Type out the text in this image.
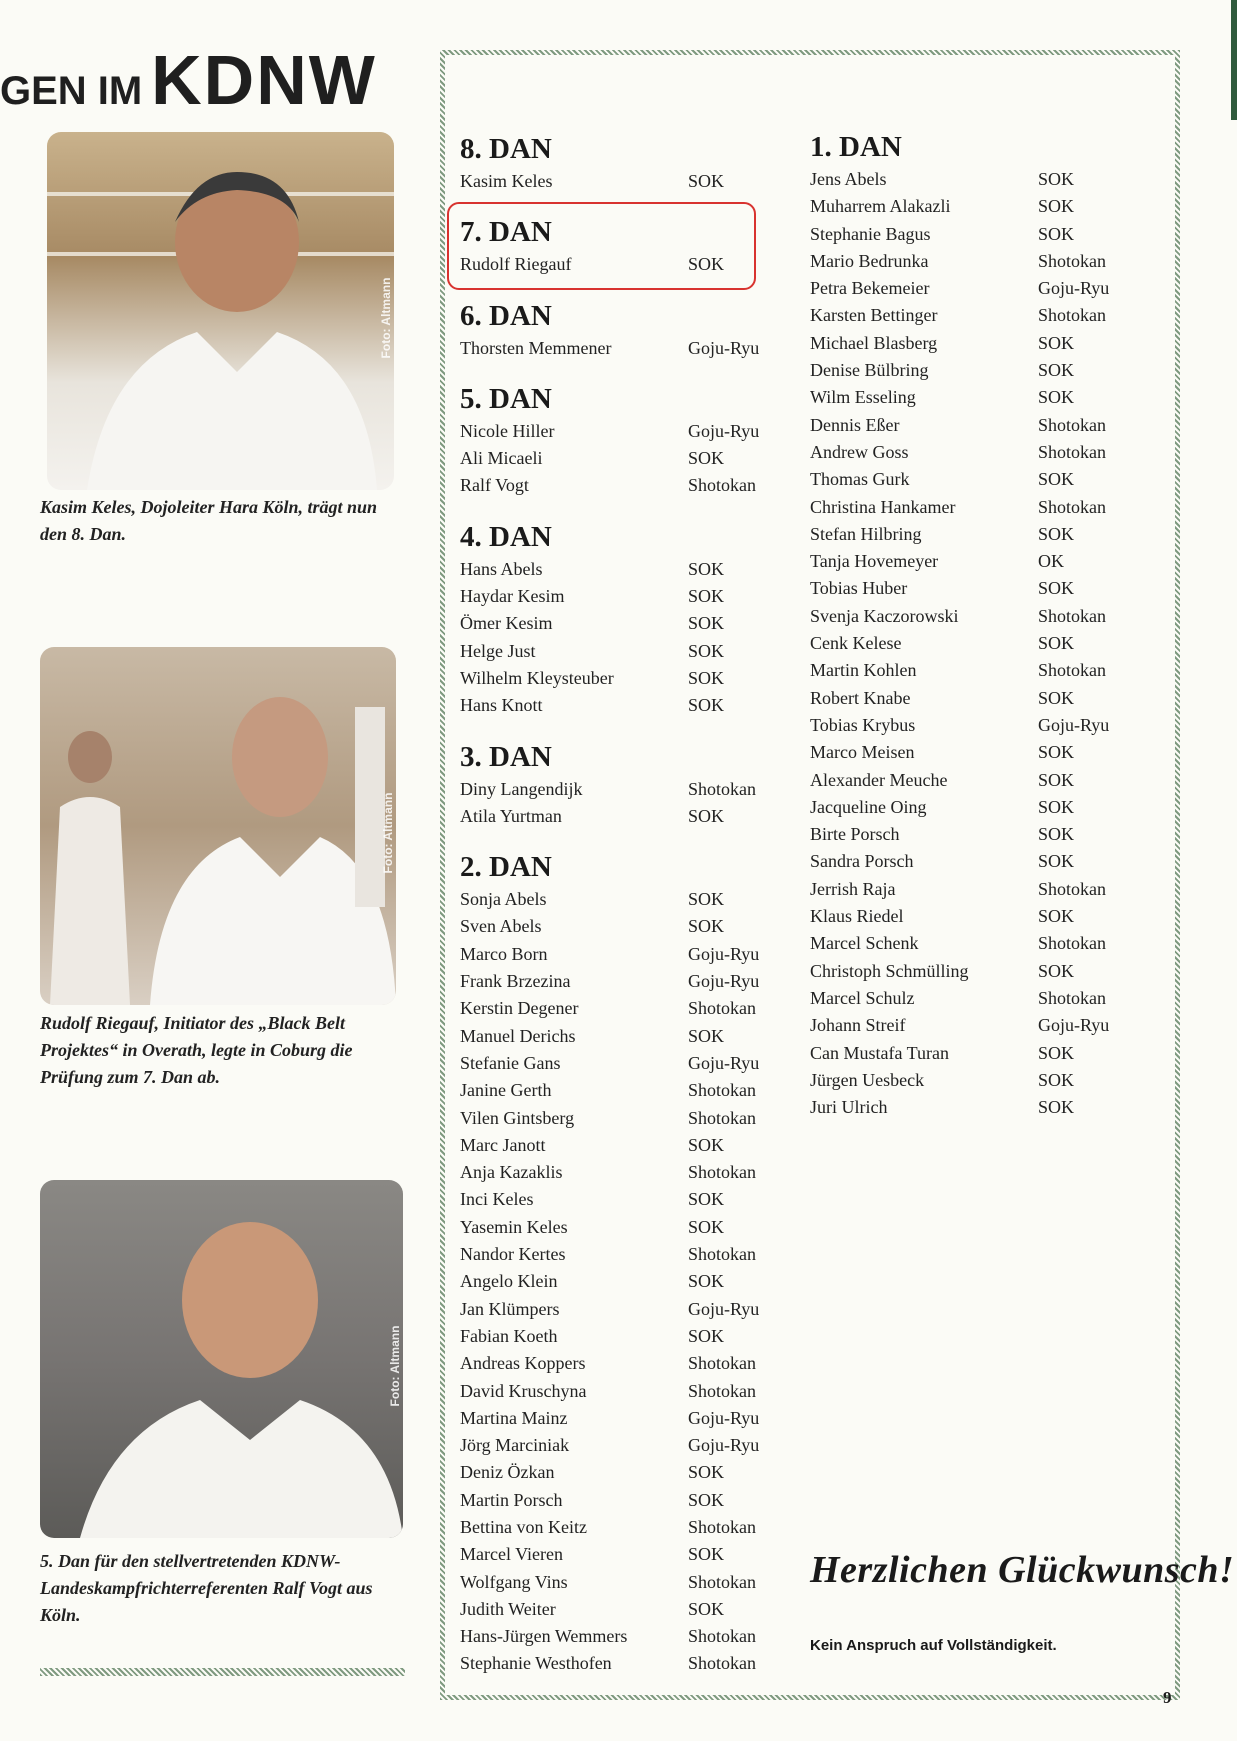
GEN IM KDNW
Foto: Altmann

Kasim Keles, Dojoleiter Hara Köln, trägt nun den 8. Dan.

Foto: Altmann

Rudolf Riegauf, Initiator des „Black Belt Projektes“ in Overath, legte in Coburg die Prüfung zum 7. Dan ab.

Foto: Altmann

5. Dan für den stellvertretenden KDNW-Landeskampfrichterreferenten Ralf Vogt aus Köln.

8. DAN
Kasim Keles	SOK
7. DAN
Rudolf Riegauf	SOK
6. DAN
Thorsten Memmener	Goju-Ryu
5. DAN
Nicole Hiller	Goju-Ryu
Ali Micaeli	SOK
Ralf Vogt	Shotokan
4. DAN
Hans Abels	SOK
Haydar Kesim	SOK
Ömer Kesim	SOK
Helge Just	SOK
Wilhelm Kleysteuber	SOK
Hans Knott	SOK
3. DAN
Diny Langendijk	Shotokan
Atila Yurtman	SOK
2. DAN
Sonja Abels	SOK
Sven Abels	SOK
Marco Born	Goju-Ryu
Frank Brzezina	Goju-Ryu
Kerstin Degener	Shotokan
Manuel Derichs	SOK
Stefanie Gans	Goju-Ryu
Janine Gerth	Shotokan
Vilen Gintsberg	Shotokan
Marc Janott	SOK
Anja Kazaklis	Shotokan
Inci Keles	SOK
Yasemin Keles	SOK
Nandor Kertes	Shotokan
Angelo Klein	SOK
Jan Klümpers	Goju-Ryu
Fabian Koeth	SOK
Andreas Koppers	Shotokan
David Kruschyna	Shotokan
Martina Mainz	Goju-Ryu
Jörg Marciniak	Goju-Ryu
Deniz Özkan	SOK
Martin Porsch	SOK
Bettina von Keitz	Shotokan
Marcel Vieren	SOK
Wolfgang Vins	Shotokan
Judith Weiter	SOK
Hans-Jürgen Wemmers	Shotokan
Stephanie Westhofen	Shotokan
1. DAN
Jens Abels	SOK
Muharrem Alakazli	SOK
Stephanie Bagus	SOK
Mario Bedrunka	Shotokan
Petra Bekemeier	Goju-Ryu
Karsten Bettinger	Shotokan
Michael Blasberg	SOK
Denise Bülbring	SOK
Wilm Esseling	SOK
Dennis Eßer	Shotokan
Andrew Goss	Shotokan
Thomas Gurk	SOK
Christina Hankamer	Shotokan
Stefan Hilbring	SOK
Tanja Hovemeyer	OK
Tobias Huber	SOK
Svenja Kaczorowski	Shotokan
Cenk Kelese	SOK
Martin Kohlen	Shotokan
Robert Knabe	SOK
Tobias Krybus	Goju-Ryu
Marco Meisen	SOK
Alexander Meuche	SOK
Jacqueline Oing	SOK
Birte Porsch	SOK
Sandra Porsch	SOK
Jerrish Raja	Shotokan
Klaus Riedel	SOK
Marcel Schenk	Shotokan
Christoph Schmülling	SOK
Marcel Schulz	Shotokan
Johann Streif	Goju-Ryu
Can Mustafa Turan	SOK
Jürgen Uesbeck	SOK
Juri Ulrich	SOK

Herzlichen Glückwunsch!

Kein Anspruch auf Vollständigkeit.

9
